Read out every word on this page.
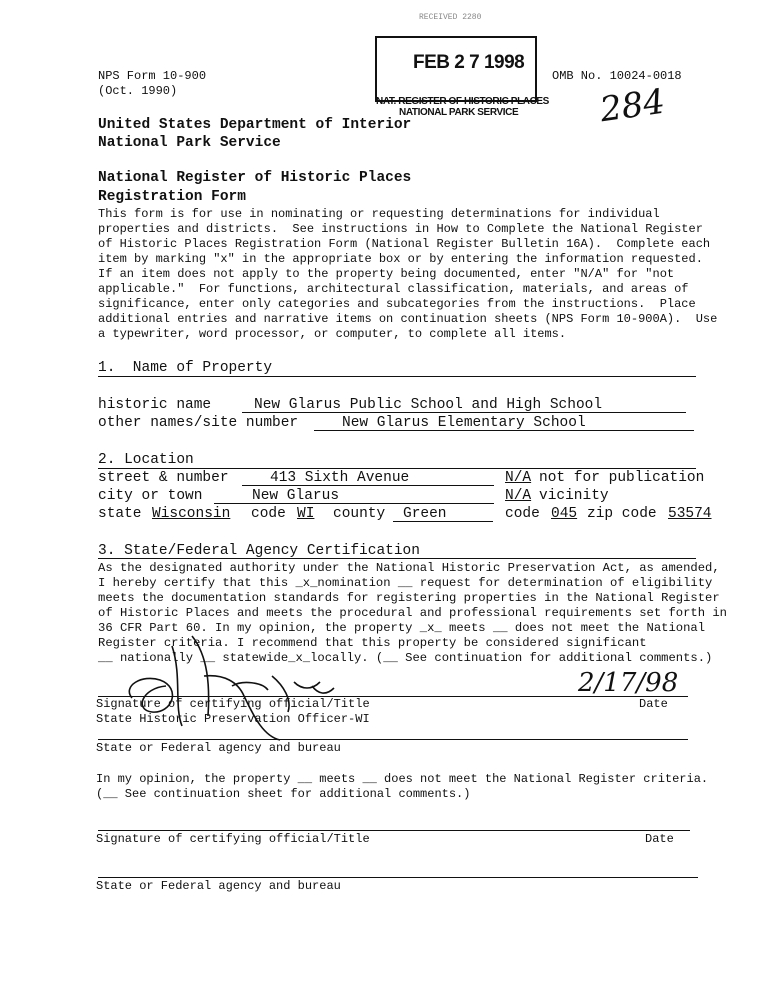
RECEIVED 2280
FEB 2 7 1998
NAT. REGISTER OF HISTORIC PLACES
NATIONAL PARK SERVICE
NPS Form 10-900
(Oct. 1990)
OMB No. 10024-0018
284
United States Department of Interior
National Park Service
National Register of Historic Places
Registration Form

This form is for use in nominating or requesting determinations for individual

properties and districts.  See instructions in How to Complete the National Register

of Historic Places Registration Form (National Register Bulletin 16A).  Complete each

item by marking "x" in the appropriate box or by entering the information requested.

If an item does not apply to the property being documented, enter "N/A" for "not

applicable."  For functions, architectural classification, materials, and areas of

significance, enter only categories and subcategories from the instructions.  Place

additional entries and narrative items on continuation sheets (NPS Form 10-900A).  Use

a typewriter, word processor, or computer, to complete all items.

1.  Name of Property
historic name	New Glarus Public School and High School
other names/site number	New Glarus Elementary School
2. Location
street & number	413 Sixth Avenue	N/A not for publication
city or town	New Glarus	N/A vicinity
state Wisconsin code WI county Green	code 045 zip code 53574
3. State/Federal Agency Certification

As the designated authority under the National Historic Preservation Act, as amended,

I hereby certify that this _x_nomination __ request for determination of eligibility

meets the documentation standards for registering properties in the National Register

of Historic Places and meets the procedural and professional requirements set forth in

36 CFR Part 60. In my opinion, the property _x_ meets __ does not meet the National

Register criteria. I recommend that this property be considered significant

__ nationally __ statewide_x_locally. (__ See continuation for additional comments.)

2/17/98
Signature of certifying official/Title	Date
State Historic Preservation Officer-WI
State or Federal agency and bureau
In my opinion, the property __ meets __ does not meet the National Register criteria.
(__ See continuation sheet for additional comments.)
Signature of certifying official/Title	Date
State or Federal agency and bureau
